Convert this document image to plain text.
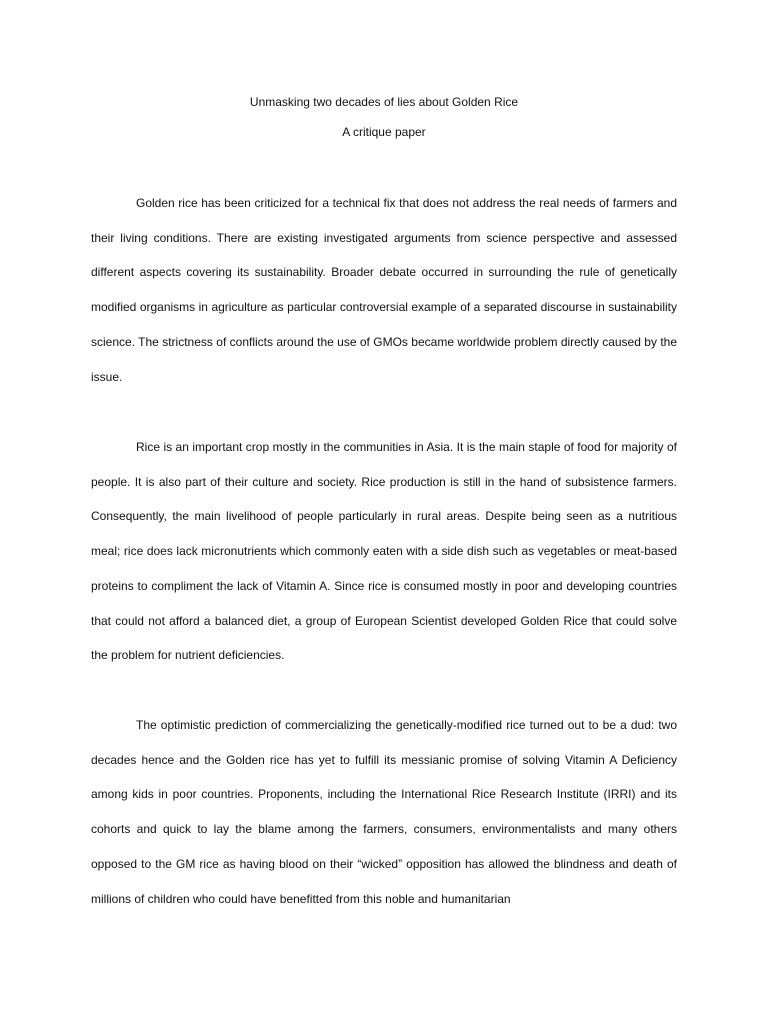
Unmasking two decades of lies about Golden Rice
A critique paper

Golden rice has been criticized for a technical fix that does not address the real needs of farmers and their living conditions. There are existing investigated arguments from science perspective and assessed different aspects covering its sustainability. Broader debate occurred in surrounding the rule of genetically modified organisms in agriculture as particular controversial example of a separated discourse in sustainability science. The strictness of conflicts around the use of GMOs became worldwide problem directly caused by the issue.

Rice is an important crop mostly in the communities in Asia. It is the main staple of food for majority of people. It is also part of their culture and society. Rice production is still in the hand of subsistence farmers. Consequently, the main livelihood of people particularly in rural areas. Despite being seen as a nutritious meal; rice does lack micronutrients which commonly eaten with a side dish such as vegetables or meat-based proteins to compliment the lack of Vitamin A. Since rice is consumed mostly in poor and developing countries that could not afford a balanced diet, a group of European Scientist developed Golden Rice that could solve the problem for nutrient deficiencies.

The optimistic prediction of commercializing the genetically-modified rice turned out to be a dud: two decades hence and the Golden rice has yet to fulfill its messianic promise of solving Vitamin A Deficiency among kids in poor countries. Proponents, including the International Rice Research Institute (IRRI) and its cohorts and quick to lay the blame among the farmers, consumers, environmentalists and many others opposed to the GM rice as having blood on their “wicked” opposition has allowed the blindness and death of millions of children who could have benefitted from this noble and humanitarian
